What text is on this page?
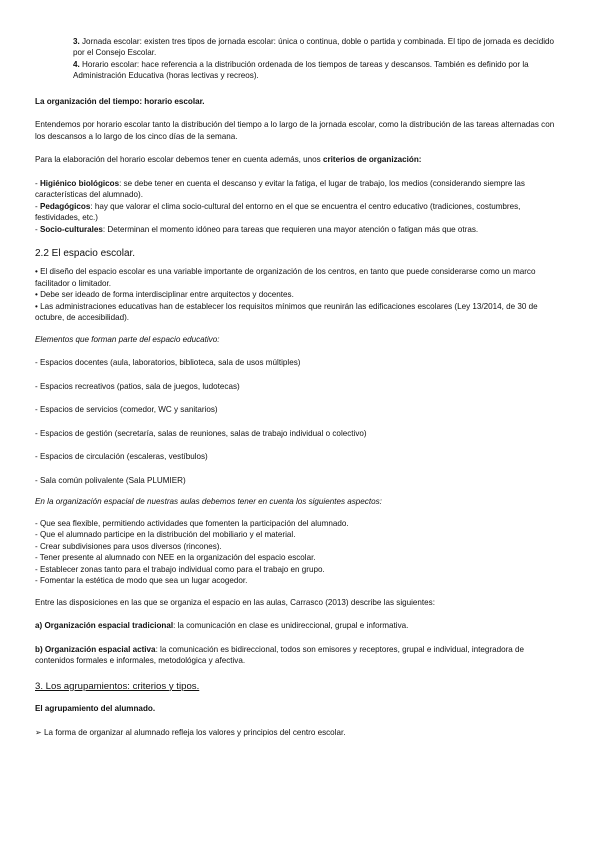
3. Jornada escolar: existen tres tipos de jornada escolar: única o continua, doble o partida y combinada. El tipo de jornada es decidido por el Consejo Escolar.

4. Horario escolar: hace referencia a la distribución ordenada de los tiempos de tareas y descansos. También es definido por la Administración Educativa (horas lectivas y recreos).

La organización del tiempo: horario escolar.

Entendemos por horario escolar tanto la distribución del tiempo a lo largo de la jornada escolar, como la distribución de las tareas alternadas con los descansos a lo largo de los cinco días de la semana.

Para la elaboración del horario escolar debemos tener en cuenta además, unos criterios de organización:

- Higiénico biológicos: se debe tener en cuenta el descanso y evitar la fatiga, el lugar de trabajo, los medios (considerando siempre las características del alumnado).

- Pedagógicos: hay que valorar el clima socio-cultural del entorno en el que se encuentra el centro educativo (tradiciones, costumbres, festividades, etc.)

- Socio-culturales: Determinan el momento idóneo para tareas que requieren una mayor atención o fatigan más que otras.

2.2 El espacio escolar.

• El diseño del espacio escolar es una variable importante de organización de los centros, en tanto que puede considerarse como un marco facilitador o limitador.

• Debe ser ideado de forma interdisciplinar entre arquitectos y docentes.

• Las administraciones educativas han de establecer los requisitos mínimos que reunirán las edificaciones escolares (Ley 13/2014, de 30 de octubre, de accesibilidad).

Elementos que forman parte del espacio educativo:

- Espacios docentes (aula, laboratorios, biblioteca, sala de usos múltiples)

- Espacios recreativos (patios, sala de juegos, ludotecas)

- Espacios de servicios (comedor, WC y sanitarios)

- Espacios de gestión (secretaría, salas de reuniones, salas de trabajo individual o colectivo)

- Espacios de circulación (escaleras, vestíbulos)

- Sala común polivalente (Sala PLUMIER)

En la organización espacial de nuestras aulas debemos tener en cuenta los siguientes aspectos:

- Que sea flexible, permitiendo actividades que fomenten la participación del alumnado.

- Que el alumnado participe en la distribución del mobiliario y el material.

- Crear subdivisiones para usos diversos (rincones).

- Tener presente al alumnado con NEE en la organización del espacio escolar.

- Establecer zonas tanto para el trabajo individual como para el trabajo en grupo.

- Fomentar la estética de modo que sea un lugar acogedor.

Entre las disposiciones en las que se organiza el espacio en las aulas, Carrasco (2013) describe las siguientes:

a) Organización espacial tradicional: la comunicación en clase es unidireccional, grupal e informativa.

b) Organización espacial activa: la comunicación es bidireccional, todos son emisores y receptores, grupal e individual, integradora de contenidos formales e informales, metodológica y afectiva.

3. Los agrupamientos: criterios y tipos.

El agrupamiento del alumnado.

➢ La forma de organizar al alumnado refleja los valores y principios del centro escolar.
